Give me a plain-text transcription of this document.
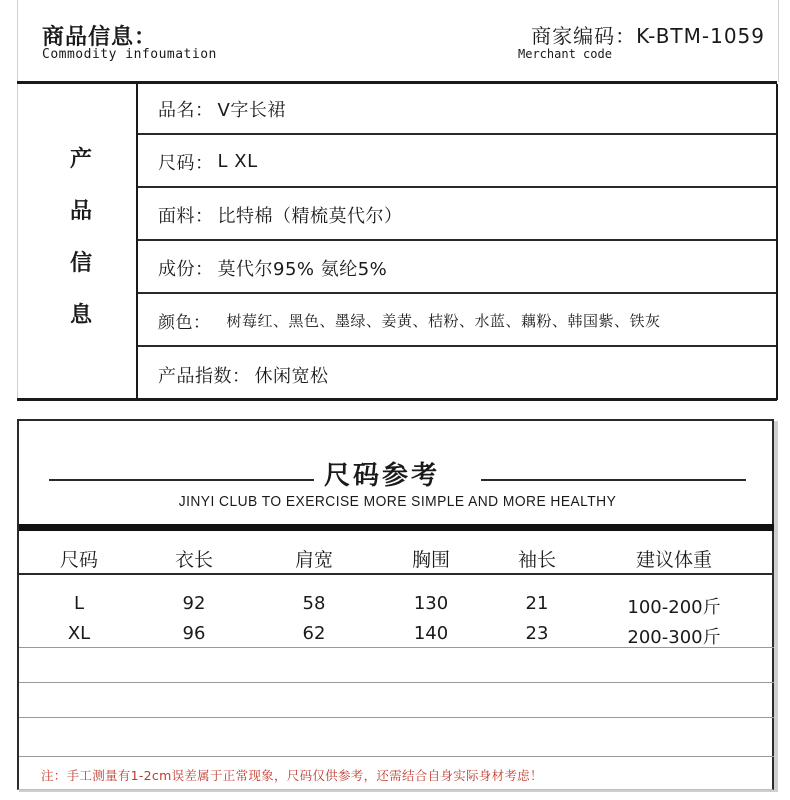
商品信息：
Commodity infoumation
商家编码：K-BTM-1059
Merchant code
产
品
信
息
品名： V字长裙
尺码： L XL
面料： 比特棉（精梳莫代尔）
成份： 莫代尔95% 氨纶5%
颜色： 树莓红、黑色、墨绿、姜黄、桔粉、水蓝、藕粉、韩国紫、铁灰
产品指数： 休闲宽松
尺码参考
JINYI CLUB TO EXERCISE MORE SIMPLE AND MORE HEALTHY
尺码	衣长	肩宽	胸围	袖长	建议体重
L	92	58	130	21	100-200斤
XL	96	62	140	23	200-300斤
注：手工测量有1-2cm误差属于正常现象，尺码仅供参考，还需结合自身实际身材考虑！
